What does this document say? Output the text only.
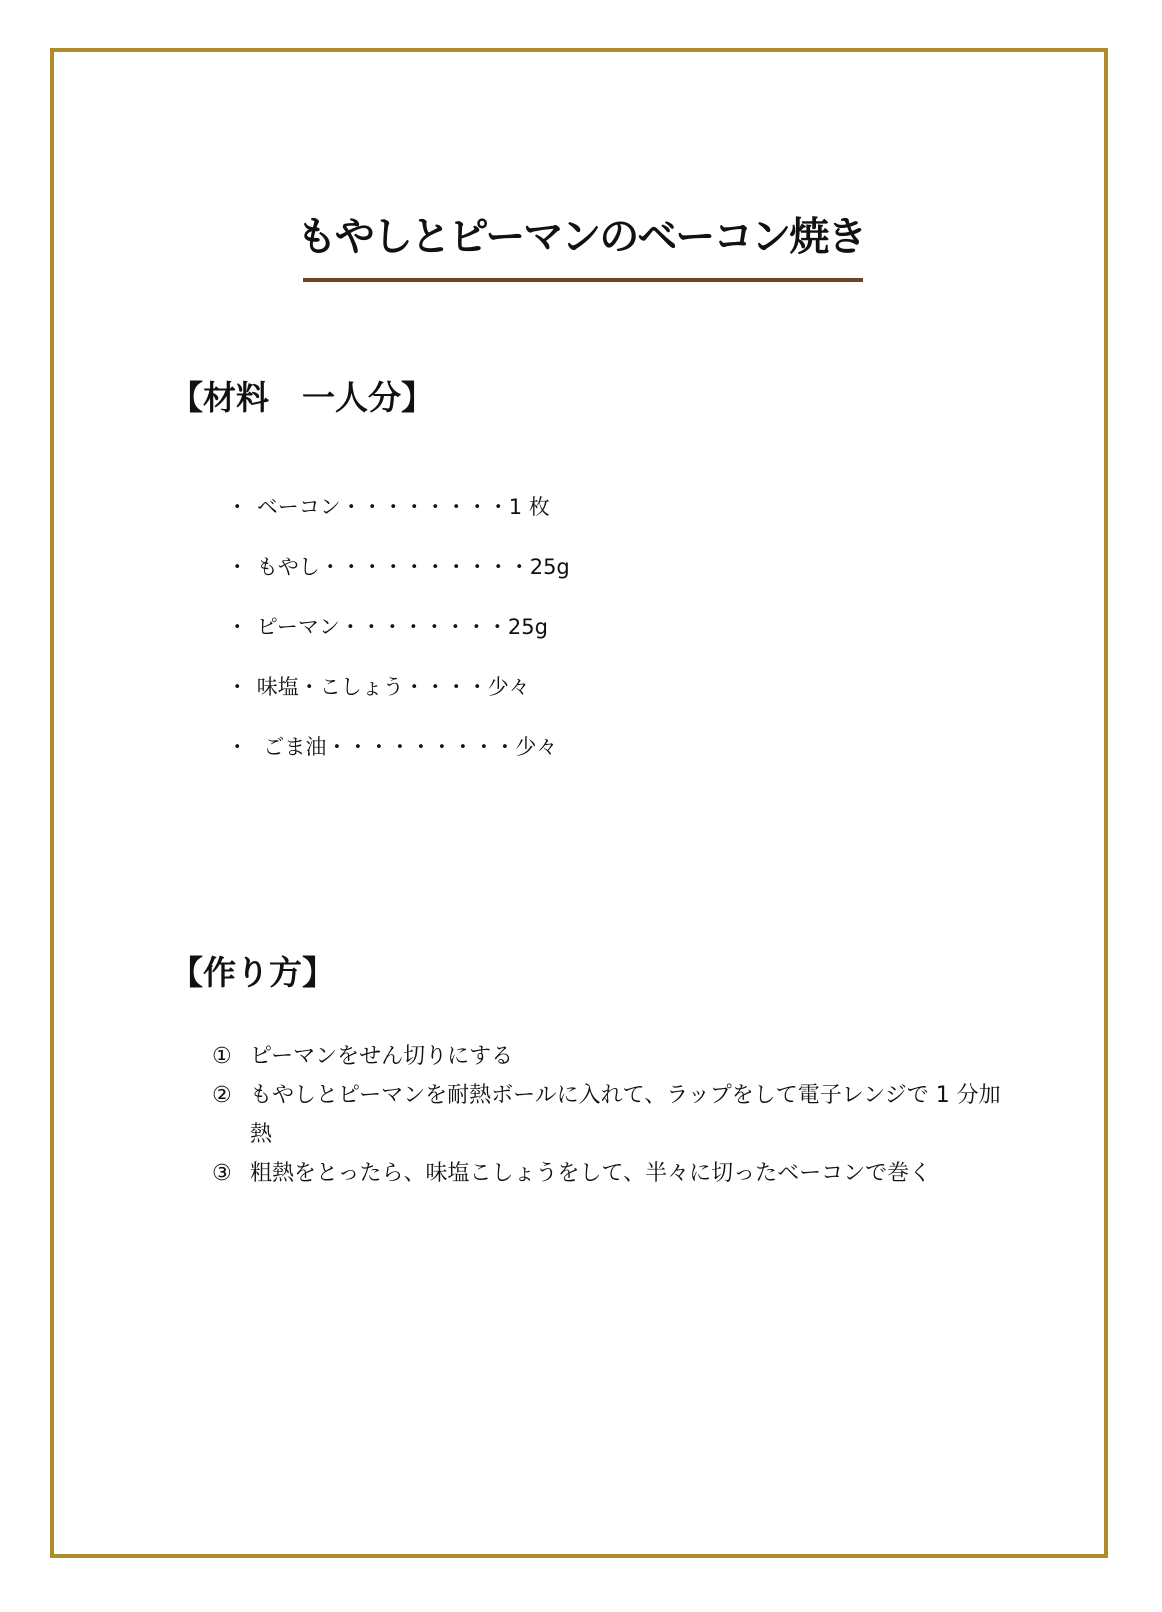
もやしとピーマンのベーコン焼き
【材料　一人分】

・ ベーコン・・・・・・・・1 枚

・ もやし・・・・・・・・・・25g

・ ピーマン・・・・・・・・25g

・ 味塩・こしょう・・・・少々

・ ごま油・・・・・・・・・少々

【作り方】
① ピーマンをせん切りにする
② もやしとピーマンを耐熱ボールに入れて、ラップをして電子レンジで 1 分加熱
③ 粗熱をとったら、味塩こしょうをして、半々に切ったベーコンで巻く
